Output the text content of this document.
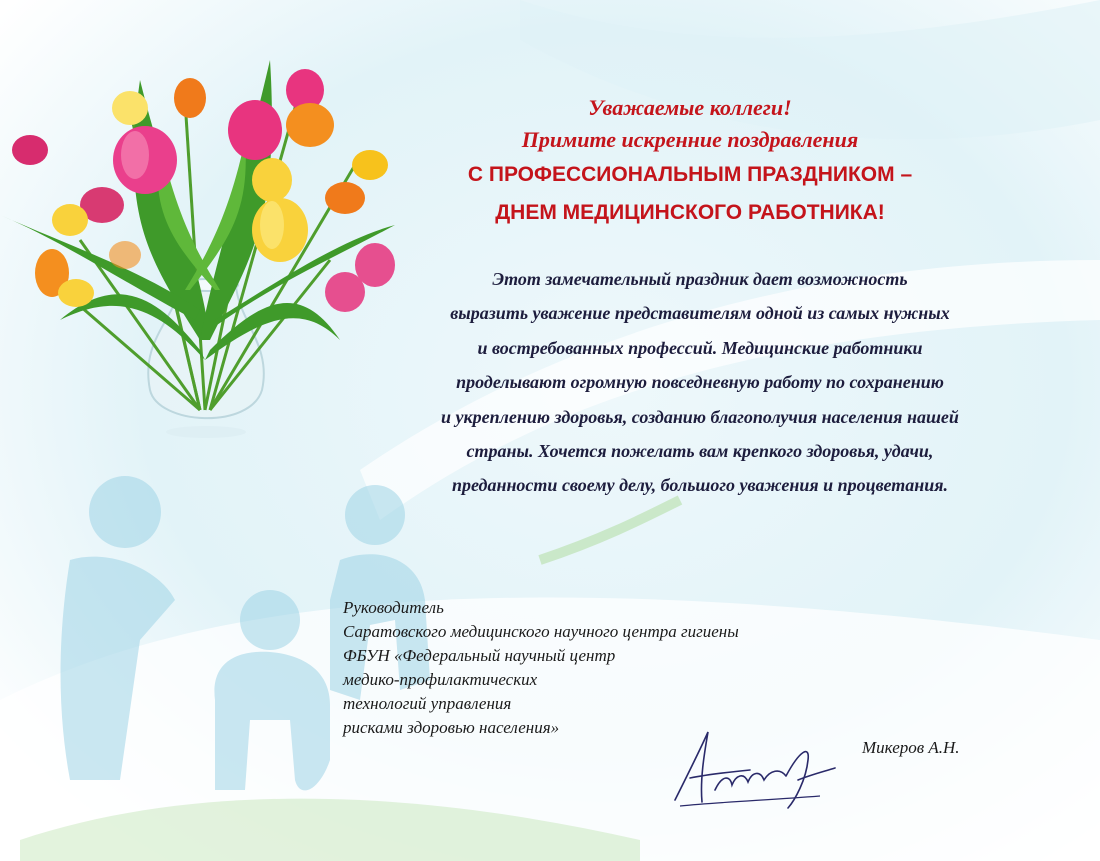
Уважаемые коллеги!
Примите искренние поздравления
С ПРОФЕССИОНАЛЬНЫМ ПРАЗДНИКОМ –
ДНЕМ МЕДИЦИНСКОГО РАБОТНИКА!
Этот замечательный праздник дает возможность
выразить уважение представителям одной из самых нужных
и востребованных профессий. Медицинские работники
проделывают огромную повседневную работу по сохранению
и укреплению здоровья, созданию благополучия населения нашей
страны. Хочется пожелать вам крепкого здоровья, удачи,
преданности своему делу, большого уважения и процветания.
Руководитель
Саратовского медицинского научного центра гигиены
ФБУН «Федеральный научный центр
медико-профилактических
технологий управления
рисками здоровью населения»
Микеров А.Н.
